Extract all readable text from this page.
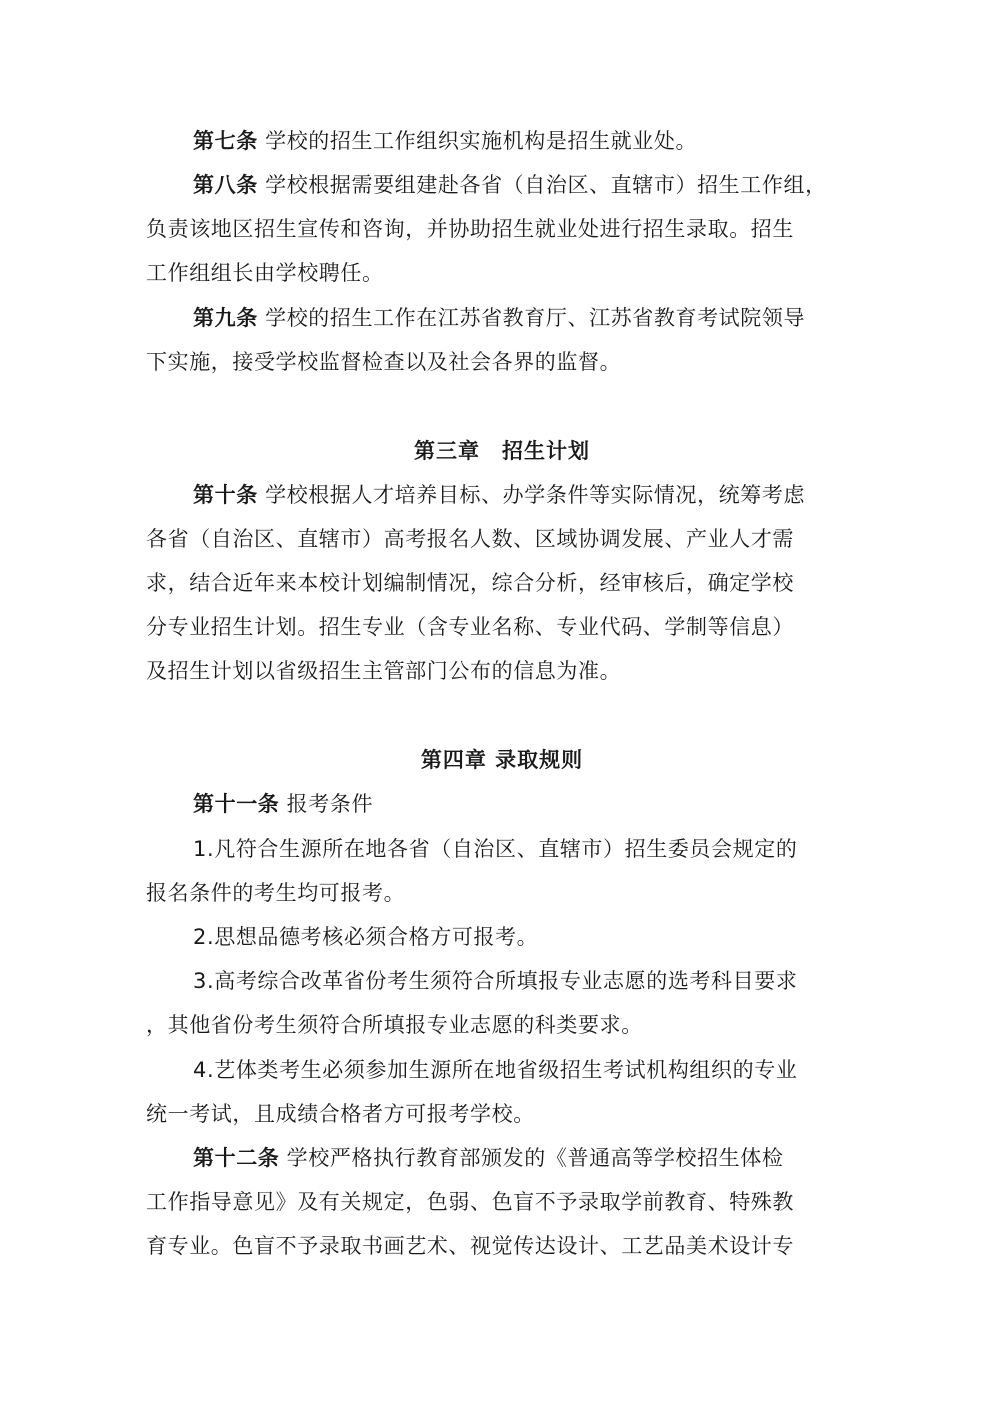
第七条 学校的招生工作组织实施机构是招生就业处。
第八条 学校根据需要组建赴各省（自治区、直辖市）招生工作组，
负责该地区招生宣传和咨询，并协助招生就业处进行招生录取。招生
工作组组长由学校聘任。
第九条 学校的招生工作在江苏省教育厅、江苏省教育考试院领导
下实施，接受学校监督检查以及社会各界的监督。
第三章　招生计划
第十条 学校根据人才培养目标、办学条件等实际情况，统筹考虑
各省（自治区、直辖市）高考报名人数、区域协调发展、产业人才需
求，结合近年来本校计划编制情况，综合分析，经审核后，确定学校
分专业招生计划。招生专业（含专业名称、专业代码、学制等信息）
及招生计划以省级招生主管部门公布的信息为准。
第四章 录取规则
第十一条 报考条件
1.凡符合生源所在地各省（自治区、直辖市）招生委员会规定的
报名条件的考生均可报考。
2.思想品德考核必须合格方可报考。
3.高考综合改革省份考生须符合所填报专业志愿的选考科目要求
，其他省份考生须符合所填报专业志愿的科类要求。
4.艺体类考生必须参加生源所在地省级招生考试机构组织的专业
统一考试，且成绩合格者方可报考学校。
第十二条 学校严格执行教育部颁发的《普通高等学校招生体检
工作指导意见》及有关规定，色弱、色盲不予录取学前教育、特殊教
育专业。色盲不予录取书画艺术、视觉传达设计、工艺品美术设计专
